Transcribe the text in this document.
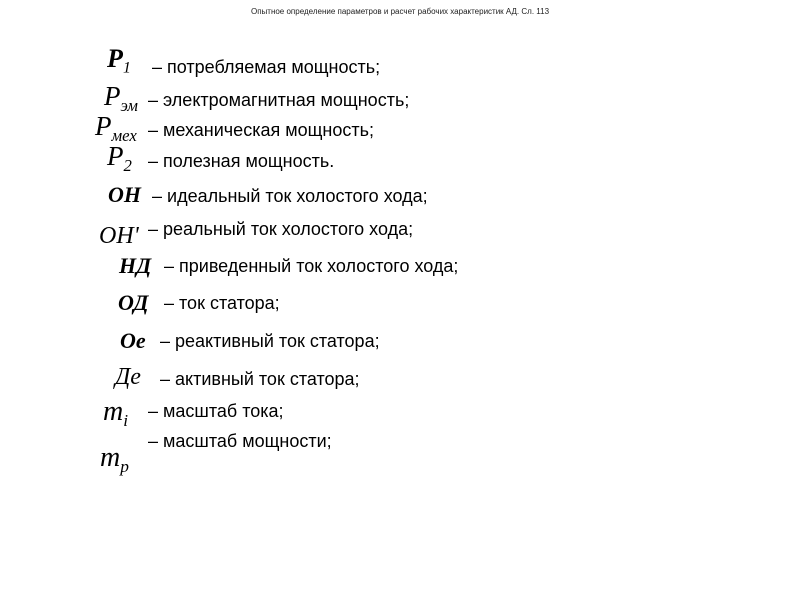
Опытное определение параметров и расчет рабочих характеристик АД. Сл. 113
$P_1$ – потребляемая мощность;
$P_{эм}$ – электромагнитная мощность;
$P_{мех}$ – механическая мощность;
$P_2$ – полезная мощность.
ОН – идеальный ток холостого хода;
ОН' – реальный ток холостого хода;
НД – приведенный ток холостого хода;
ОД – ток статора;
Ое – реактивный ток статора;
Де – активный ток статора;
$m_i$ – масштаб тока;
$m_p$
– масштаб мощности;
